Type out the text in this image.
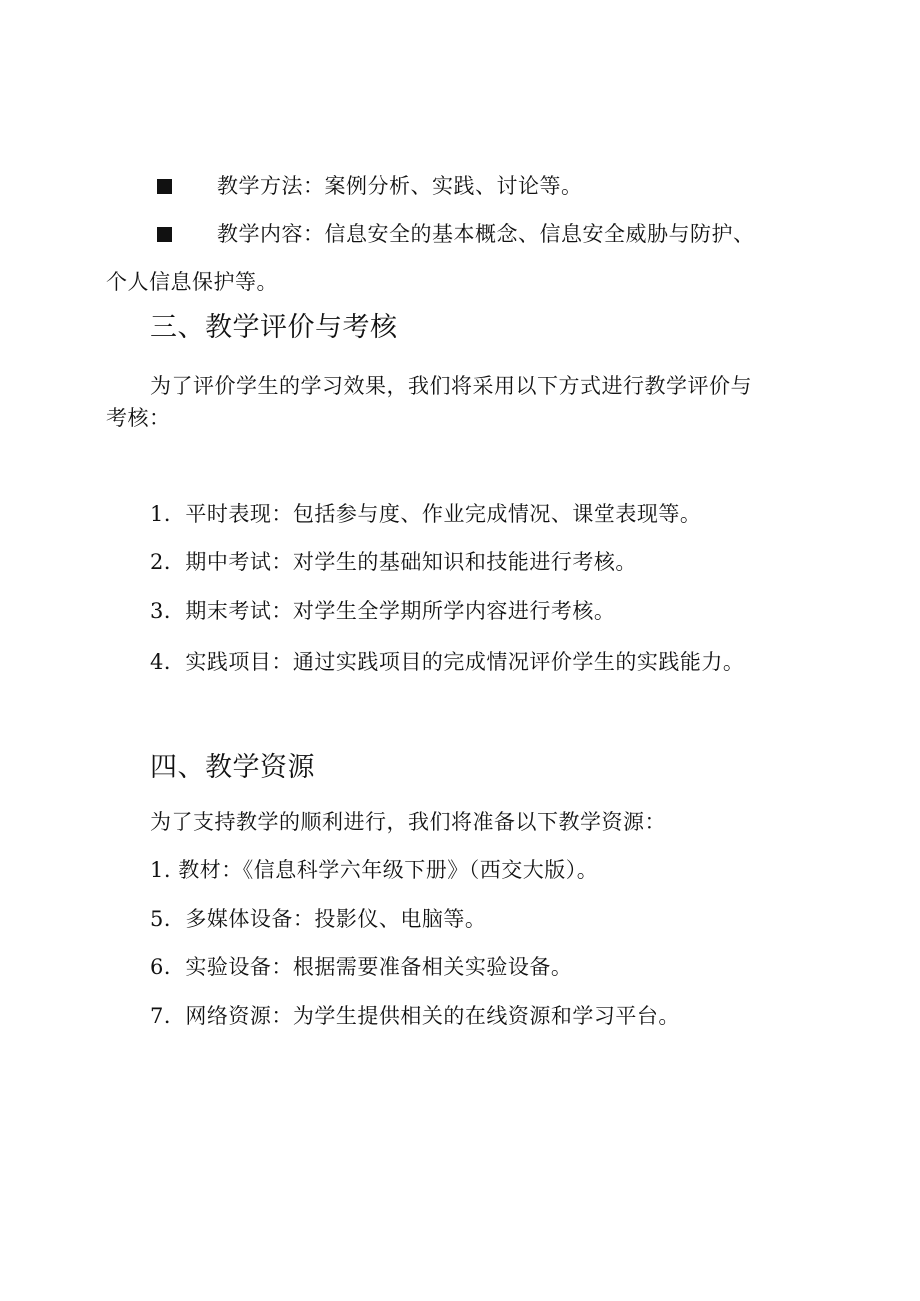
教学方法：案例分析、实践、讨论等。
教学内容：信息安全的基本概念、信息安全威胁与防护、
个人信息保护等。
三、教学评价与考核
为了评价学生的学习效果，我们将采用以下方式进行教学评价与
考核：
1．平时表现：包括参与度、作业完成情况、课堂表现等。
2．期中考试：对学生的基础知识和技能进行考核。
3．期末考试：对学生全学期所学内容进行考核。
4．实践项目：通过实践项目的完成情况评价学生的实践能力。
四、教学资源
为了支持教学的顺利进行，我们将准备以下教学资源：
1. 教材：《信息科学六年级下册》（西交大版）。
5．多媒体设备：投影仪、电脑等。
6．实验设备：根据需要准备相关实验设备。
7．网络资源：为学生提供相关的在线资源和学习平台。
